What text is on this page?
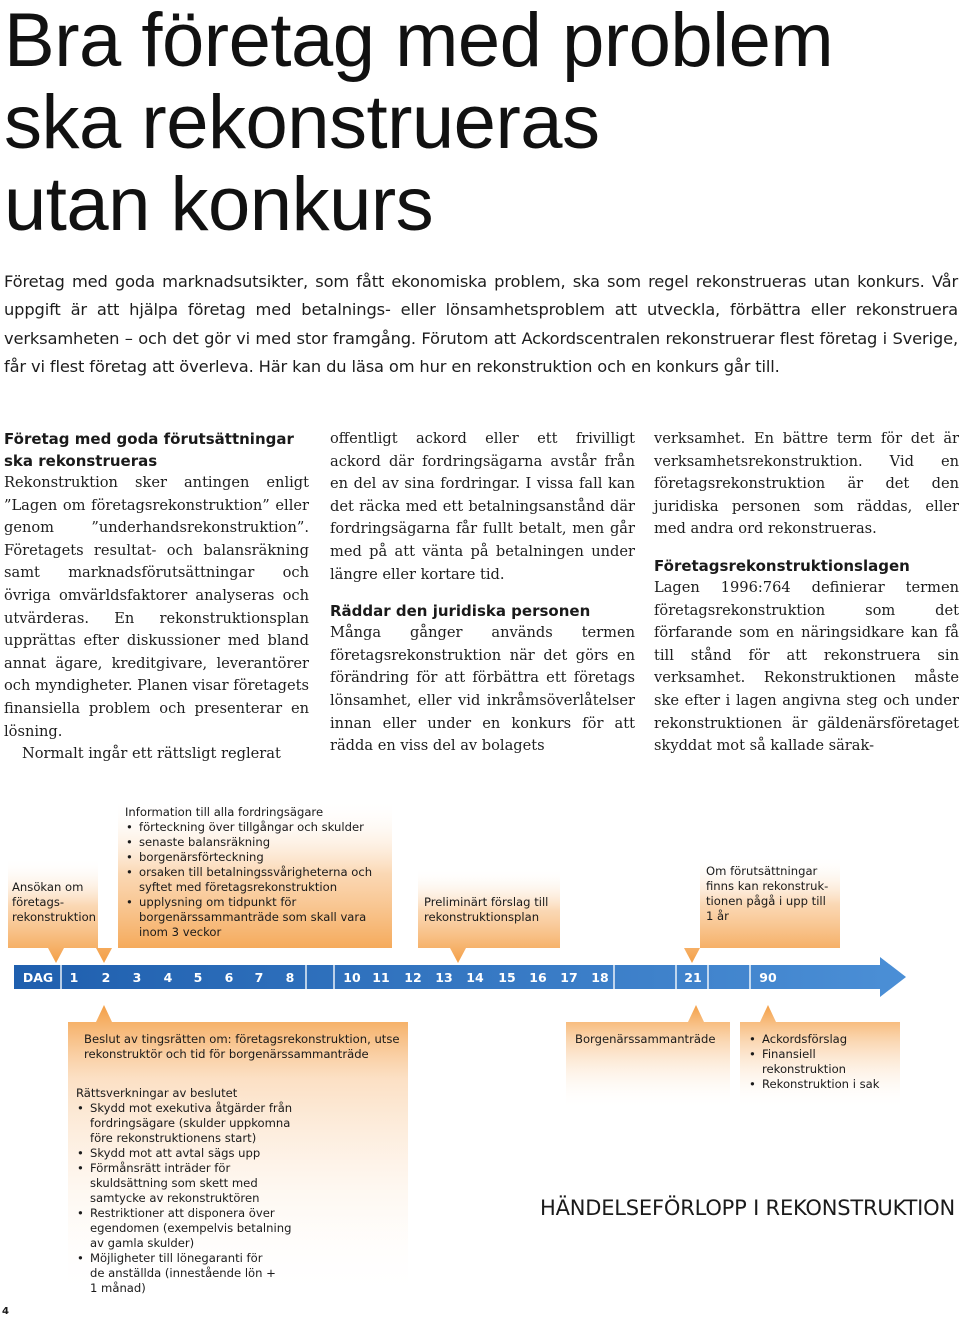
Bra företag med problem
ska rekonstrueras
utan konkurs

Företag med goda marknadsutsikter, som fått ekonomiska problem, ska som regel rekonstrueras utan konkurs. Vår uppgift är att hjälpa företag med betalnings- eller lönsamhetsproblem att utveckla, förbättra eller rekonstruera verksamheten – och det gör vi med stor framgång. Förutom att Ackordscentralen rekonstruerar flest företag i Sverige, får vi flest företag att överleva. Här kan du läsa om hur en rekonstruktion och en konkurs går till.

Företag med goda förutsättningar ska rekonstrueras

Rekonstruktion sker antingen enligt ”Lagen om företagsrekonstruktion” eller genom ”underhandsrekonstruktion”. Företagets resultat- och balansräkning samt marknadsförutsättningar och övriga omvärldsfaktorer analyseras och utvärderas. En rekonstruktionsplan upprättas efter diskussioner med bland annat ägare, kreditgivare, leverantörer och myndigheter. Planen visar företagets finansiella problem och presenterar en lösning.

Normalt ingår ett rättsligt reglerat

offentligt ackord eller ett frivilligt ackord där fordringsägarna avstår från en del av sina fordringar. I vissa fall kan det räcka med ett betalningsanstånd där fordringsägarna får fullt betalt, men går med på att vänta på betalningen under längre eller kortare tid.

Räddar den juridiska personen

Många gånger används termen företagsrekonstruktion när det görs en förändring för att förbättra ett företags lönsamhet, eller vid inkråmsöverlåtelser innan eller under en konkurs för att rädda en viss del av bolagets

verksamhet. En bättre term för det är verksamhetsrekonstruktion. Vid en företagsrekonstruktion är det den juridiska personen som räddas, eller med andra ord rekonstrueras.

Företagsrekonstruktionslagen

Lagen 1996:764 definierar termen företagsrekonstruktion som det förfarande som en näringsidkare kan få till stånd för att rekonstruera sin verksamhet. Rekonstruktionen måste ske efter i lagen angivna steg och under rekonstruktionen är gäldenärsföretaget skyddat mot så kallade särak-

Ansökan om
företags-
rekonstruktion
Information till alla fordringsägare
• förteckning över tillgångar och skulder
• senaste balansräkning
• borgenärsförteckning
• orsaken till betalningssvårigheterna och syftet med företagsrekonstruktion
• upplysning om tidpunkt för borgenärssammanträde som skall vara inom 3 veckor
Preliminärt förslag till
rekonstruktionsplan
Om förutsättningar
finns kan rekonstruk-
tionen pågå i upp till
1 år
DAG	1	2	3	4	5	6	7	8	10 11 12 13 14 15 16 17 18	21	90
Beslut av tingsrätten om: företagsrekonstruktion, utse
rekonstruktör och tid för borgenärssammanträde
Rättsverkningar av beslutet
• Skydd mot exekutiva åtgärder från fordringsägare (skulder uppkomna före rekonstruktionens start)
• Skydd mot att avtal sägs upp
• Förmånsrätt inträder för skuldsättning som skett med samtycke av rekonstruktören
• Restriktioner att disponera över egendomen (exempelvis betalning av gamla skulder)
• Möjligheter till lönegaranti för de anställda (innestående lön + 1 månad)
Borgenärssammanträde
•	Ackordsförslag
• Finansiell rekonstruktion
• Rekonstruktion i sak
HÄNDELSEFÖRLOPP I REKONSTRUKTION
4
